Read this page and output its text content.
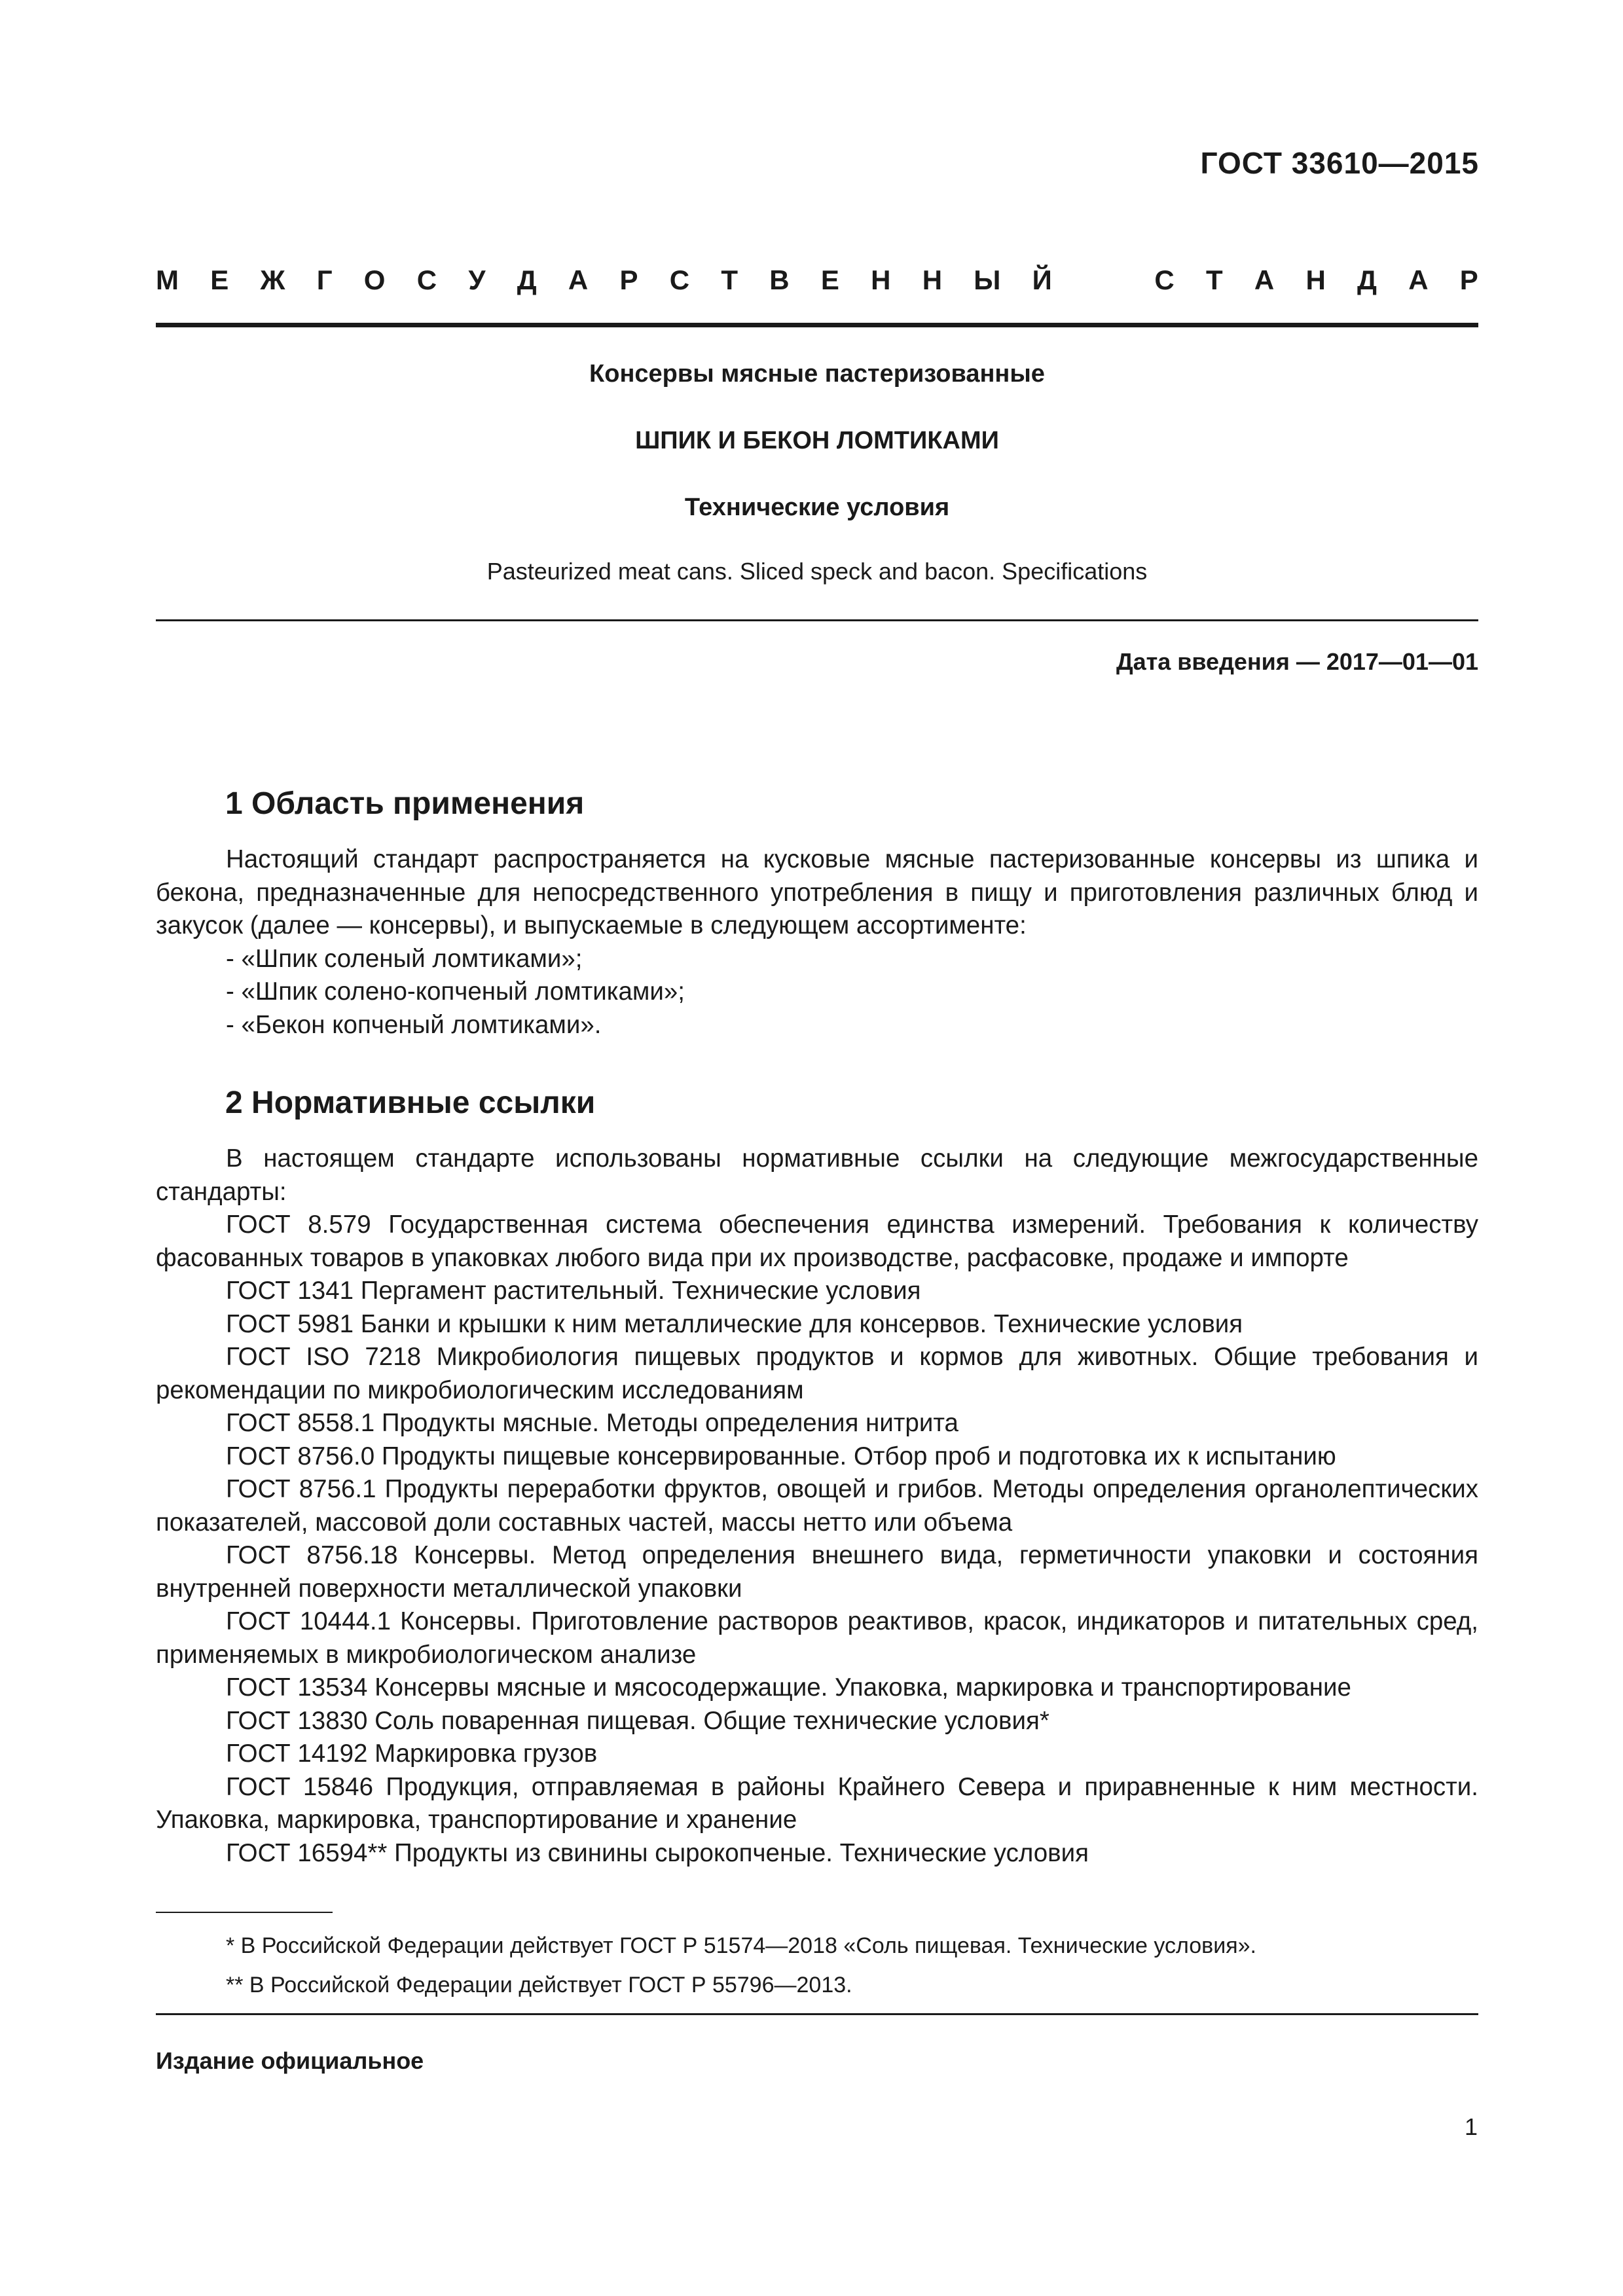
ГОСТ 33610—2015
М Е Ж Г О С У Д А Р С Т В Е Н Н Ы Й	С Т А Н Д А Р
Консервы мясные пастеризованные
ШПИК И БЕКОН ЛОМТИКАМИ
Технические условия
Pasteurized meat cans. Sliced speck and bacon. Specifications
Дата введения — 2017—01—01
1 Область применения

Настоящий стандарт распространяется на кусковые мясные пастеризованные консервы из шпика и бекона, предназначенные для непосредственного употребления в пищу и приготовления различных блюд и закусок (далее — консервы), и выпускаемые в следующем ассортименте:

- «Шпик соленый ломтиками»;

- «Шпик солено-копченый ломтиками»;

- «Бекон копченый ломтиками».

2 Нормативные ссылки

В настоящем стандарте использованы нормативные ссылки на следующие межгосударственные стандарты:

ГОСТ 8.579 Государственная система обеспечения единства измерений. Требования к количеству фасованных товаров в упаковках любого вида при их производстве, расфасовке, продаже и импорте

ГОСТ 1341 Пергамент растительный. Технические условия

ГОСТ 5981 Банки и крышки к ним металлические для консервов. Технические условия

ГОСТ ISO 7218 Микробиология пищевых продуктов и кормов для животных. Общие требования и рекомендации по микробиологическим исследованиям

ГОСТ 8558.1 Продукты мясные. Методы определения нитрита

ГОСТ 8756.0 Продукты пищевые консервированные. Отбор проб и подготовка их к испытанию

ГОСТ 8756.1 Продукты переработки фруктов, овощей и грибов. Методы определения органолептических показателей, массовой доли составных частей, массы нетто или объема

ГОСТ 8756.18 Консервы. Метод определения внешнего вида, герметичности упаковки и состояния внутренней поверхности металлической упаковки

ГОСТ 10444.1 Консервы. Приготовление растворов реактивов, красок, индикаторов и питательных сред, применяемых в микробиологическом анализе

ГОСТ 13534 Консервы мясные и мясосодержащие. Упаковка, маркировка и транспортирование

ГОСТ 13830 Соль поваренная пищевая. Общие технические условия*

ГОСТ 14192 Маркировка грузов

ГОСТ 15846 Продукция, отправляемая в районы Крайнего Севера и приравненные к ним местности. Упаковка, маркировка, транспортирование и хранение

ГОСТ 16594** Продукты из свинины сырокопченые. Технические условия

* В Российской Федерации действует ГОСТ Р 51574—2018 «Соль пищевая. Технические условия».

** В Российской Федерации действует ГОСТ Р 55796—2013.

Издание официальное
1
